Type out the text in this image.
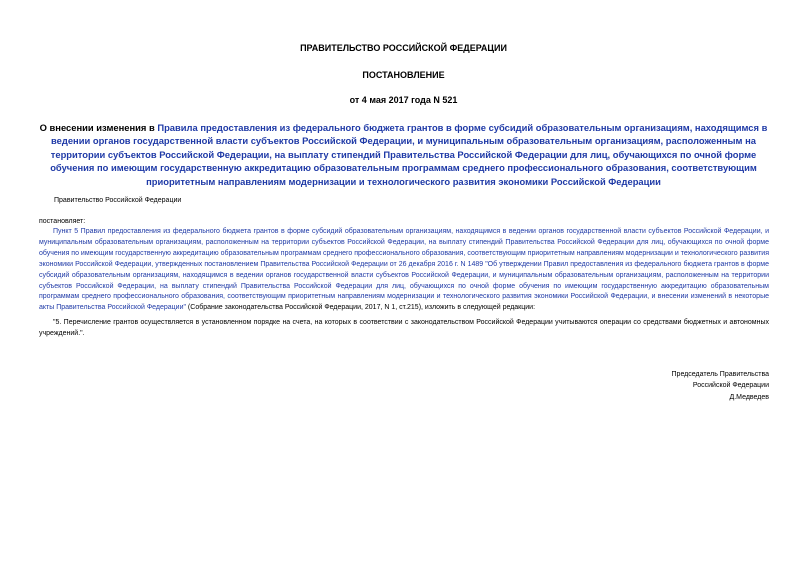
ПРАВИТЕЛЬСТВО РОССИЙСКОЙ ФЕДЕРАЦИИ
ПОСТАНОВЛЕНИЕ
от 4 мая 2017 года N 521
О внесении изменения в Правила предоставления из федерального бюджета грантов в форме субсидий образовательным организациям, находящимся в ведении органов государственной власти субъектов Российской Федерации, и муниципальным образовательным организациям, расположенным на территории субъектов Российской Федерации, на выплату стипендий Правительства Российской Федерации для лиц, обучающихся по очной форме обучения по имеющим государственную аккредитацию образовательным программам среднего профессионального образования, соответствующим приоритетным направлениям модернизации и технологического развития экономики Российской Федерации
Правительство Российской Федерации
постановляет:
Пункт 5 Правил предоставления из федерального бюджета грантов в форме субсидий образовательным организациям, находящимся в ведении органов государственной власти субъектов Российской Федерации, и муниципальным образовательным организациям, расположенным на территории субъектов Российской Федерации, на выплату стипендий Правительства Российской Федерации для лиц, обучающихся по очной форме обучения по имеющим государственную аккредитацию образовательным программам среднего профессионального образования, соответствующим приоритетным направлениям модернизации и технологического развития экономики Российской Федерации, утвержденных постановлением Правительства Российской Федерации от 26 декабря 2016 г. N 1489 "Об утверждении Правил предоставления из федерального бюджета грантов в форме субсидий образовательным организациям, находящимся в ведении органов государственной власти субъектов Российской Федерации, и муниципальным образовательным организациям, расположенным на территории субъектов Российской Федерации, на выплату стипендий Правительства Российской Федерации для лиц, обучающихся по очной форме обучения по имеющим государственную аккредитацию образовательным программам среднего профессионального образования, соответствующим приоритетным направлениям модернизации и технологического развития экономики Российской Федерации, и внесении изменений в некоторые акты Правительства Российской Федерации" (Собрание законодательства Российской Федерации, 2017, N 1, ст.215), изложить в следующей редакции:
"5. Перечисление грантов осуществляется в установленном порядке на счета, на которых в соответствии с законодательством Российской Федерации учитываются операции со средствами бюджетных и автономных учреждений.".
Председатель Правительства
Российской Федерации
Д.Медведев
